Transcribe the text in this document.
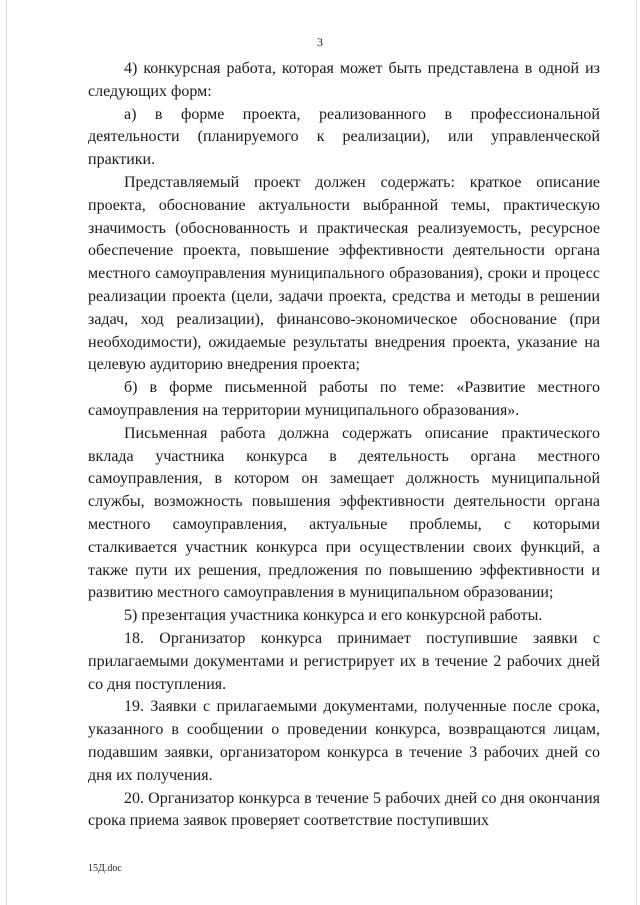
3

4) конкурсная работа, которая может быть представлена в одной из следующих форм:

а) в форме проекта, реализованного в профессиональной деятельности (планируемого к реализации), или управленческой практики.

Представляемый проект должен содержать: краткое описание проекта, обоснование актуальности выбранной темы, практическую значимость (обоснованность и практическая реализуемость, ресурсное обеспечение проекта, повышение эффективности деятельности органа местного самоуправления муниципального образования), сроки и процесс реализации проекта (цели, задачи проекта, средства и методы в решении задач, ход реализации), финансово-экономическое обоснование (при необходимости), ожидаемые результаты внедрения проекта, указание на целевую аудиторию внедрения проекта;

б) в форме письменной работы по теме: «Развитие местного самоуправления на территории муниципального образования».

Письменная работа должна содержать описание практического вклада участника конкурса в деятельность органа местного самоуправления, в котором он замещает должность муниципальной службы, возможность повышения эффективности деятельности органа местного самоуправления, актуальные проблемы, с которыми сталкивается участник конкурса при осуществлении своих функций, а также пути их решения, предложения по повышению эффективности и развитию местного самоуправления в муниципальном образовании;

5) презентация участника конкурса и его конкурсной работы.

18. Организатор конкурса принимает поступившие заявки с прилагаемыми документами и регистрирует их в течение 2 рабочих дней со дня поступления.

19. Заявки с прилагаемыми документами, полученные после срока, указанного в сообщении о проведении конкурса, возвращаются лицам, подавшим заявки, организатором конкурса в течение 3 рабочих дней со дня их получения.

20. Организатор конкурса в течение 5 рабочих дней со дня окончания срока приема заявок проверяет соответствие поступивших

15Д.doc
